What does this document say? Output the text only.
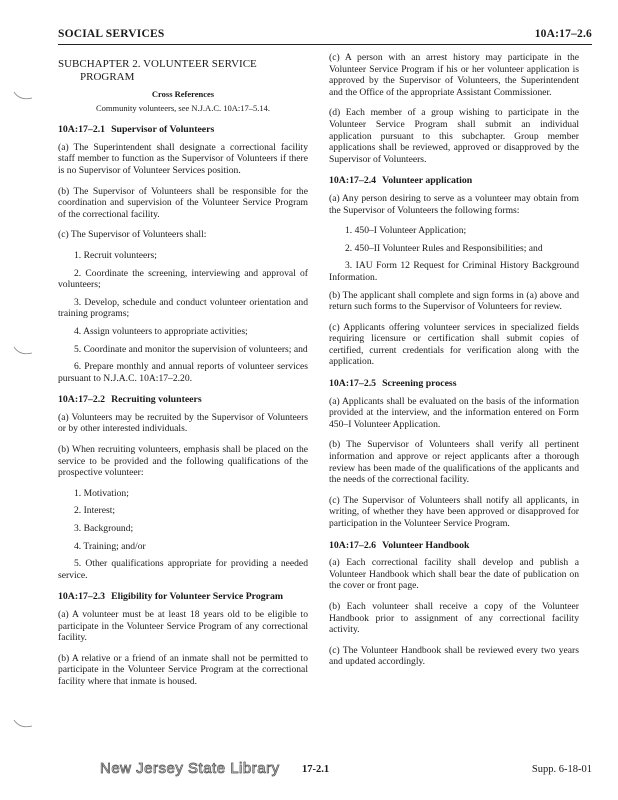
SOCIAL SERVICES	10A:17–2.6
SUBCHAPTER 2. VOLUNTEER SERVICE PROGRAM
Cross References
Community volunteers, see N.J.A.C. 10A:17–5.14.
10A:17–2.1 Supervisor of Volunteers

(a) The Superintendent shall designate a correctional facility staff member to function as the Supervisor of Volunteers if there is no Supervisor of Volunteer Services position.

(b) The Supervisor of Volunteers shall be responsible for the coordination and supervision of the Volunteer Service Program of the correctional facility.

(c) The Supervisor of Volunteers shall:

1. Recruit volunteers;

2. Coordinate the screening, interviewing and approval of volunteers;

3. Develop, schedule and conduct volunteer orientation and training programs;

4. Assign volunteers to appropriate activities;

5. Coordinate and monitor the supervision of volunteers; and

6. Prepare monthly and annual reports of volunteer services pursuant to N.J.A.C. 10A:17–2.20.

10A:17–2.2 Recruiting volunteers

(a) Volunteers may be recruited by the Supervisor of Volunteers or by other interested individuals.

(b) When recruiting volunteers, emphasis shall be placed on the service to be provided and the following qualifications of the prospective volunteer:

1. Motivation;

2. Interest;

3. Background;

4. Training; and/or

5. Other qualifications appropriate for providing a needed service.

10A:17–2.3 Eligibility for Volunteer Service Program

(a) A volunteer must be at least 18 years old to be eligible to participate in the Volunteer Service Program of any correctional facility.

(b) A relative or a friend of an inmate shall not be permitted to participate in the Volunteer Service Program at the correctional facility where that inmate is housed.

(c) A person with an arrest history may participate in the Volunteer Service Program if his or her volunteer application is approved by the Supervisor of Volunteers, the Superintendent and the Office of the appropriate Assistant Commissioner.

(d) Each member of a group wishing to participate in the Volunteer Service Program shall submit an individual application pursuant to this subchapter. Group member applications shall be reviewed, approved or disapproved by the Supervisor of Volunteers.

10A:17–2.4 Volunteer application

(a) Any person desiring to serve as a volunteer may obtain from the Supervisor of Volunteers the following forms:

1. 450–I Volunteer Application;

2. 450–II Volunteer Rules and Responsibilities; and

3. IAU Form 12 Request for Criminal History Background Information.

(b) The applicant shall complete and sign forms in (a) above and return such forms to the Supervisor of Volunteers for review.

(c) Applicants offering volunteer services in specialized fields requiring licensure or certification shall submit copies of certified, current credentials for verification along with the application.

10A:17–2.5 Screening process

(a) Applicants shall be evaluated on the basis of the information provided at the interview, and the information entered on Form 450–I Volunteer Application.

(b) The Supervisor of Volunteers shall verify all pertinent information and approve or reject applicants after a thorough review has been made of the qualifications of the applicants and the needs of the correctional facility.

(c) The Supervisor of Volunteers shall notify all applicants, in writing, of whether they have been approved or disapproved for participation in the Volunteer Service Program.

10A:17–2.6 Volunteer Handbook

(a) Each correctional facility shall develop and publish a Volunteer Handbook which shall bear the date of publication on the cover or front page.

(b) Each volunteer shall receive a copy of the Volunteer Handbook prior to assignment of any correctional facility activity.

(c) The Volunteer Handbook shall be reviewed every two years and updated accordingly.

New Jersey State Library 17-2.1	Supp. 6-18-01
